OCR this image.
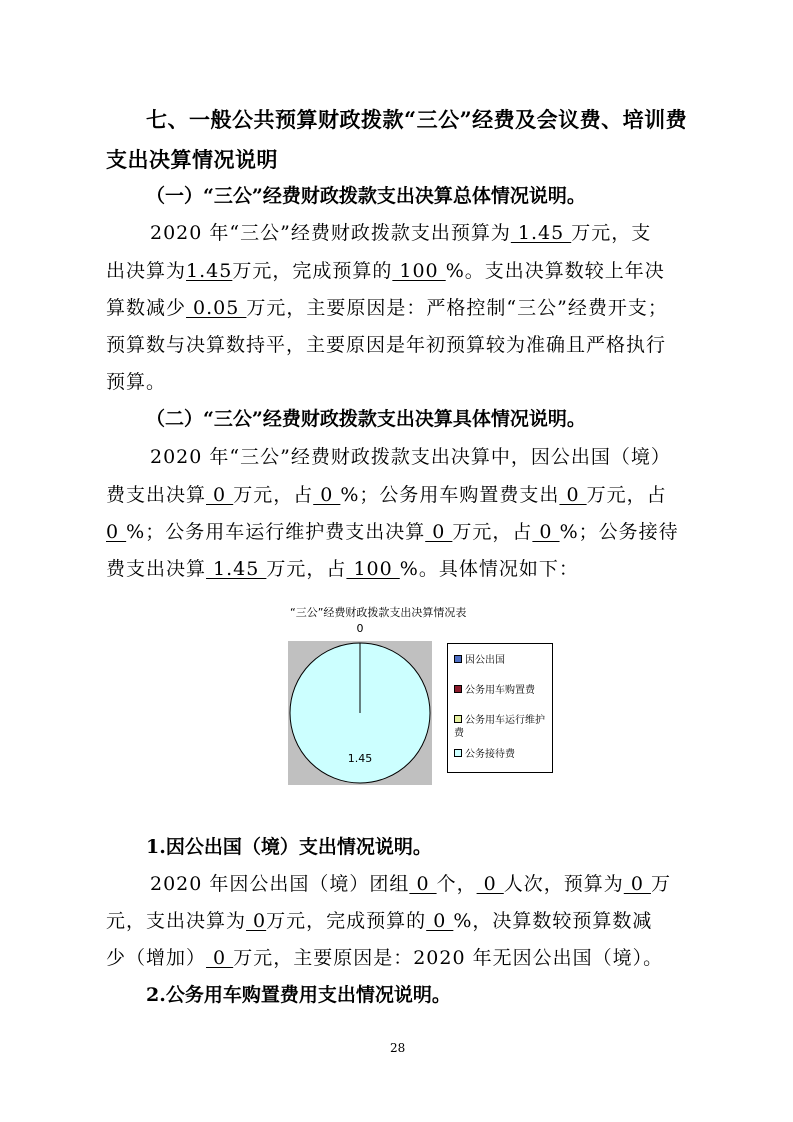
七、一般公共预算财政拨款“三公”经费及会议费、培训费
支出决算情况说明
（一）“三公”经费财政拨款支出决算总体情况说明。
2020 年“三公”经费财政拨款支出预算为 1.45 万元，支
出决算为1.45万元，完成预算的 100 %。支出决算数较上年决
算数减少 0.05 万元，主要原因是：严格控制“三公”经费开支；
预算数与决算数持平，主要原因是年初预算较为准确且严格执行
预算。
（二）“三公”经费财政拨款支出决算具体情况说明。
2020 年“三公”经费财政拨款支出决算中，因公出国（境）
费支出决算 0 万元，占 0 %；公务用车购置费支出 0 万元，占
0 %；公务用车运行维护费支出决算 0 万元，占 0 %；公务接待
费支出决算 1.45 万元，占 100 %。具体情况如下：
“三公”经费财政拨款支出决算情况表
0
1.45
因公出国
公务用车购置费
公务用车运行维护费
公务接待费
1.因公出国（境）支出情况说明。
2020 年因公出国（境）团组 0 个， 0 人次，预算为 0 万
元，支出决算为 0万元，完成预算的 0 %，决算数较预算数减
少（增加） 0 万元，主要原因是：2020 年无因公出国（境）。
2.公务用车购置费用支出情况说明。
28
